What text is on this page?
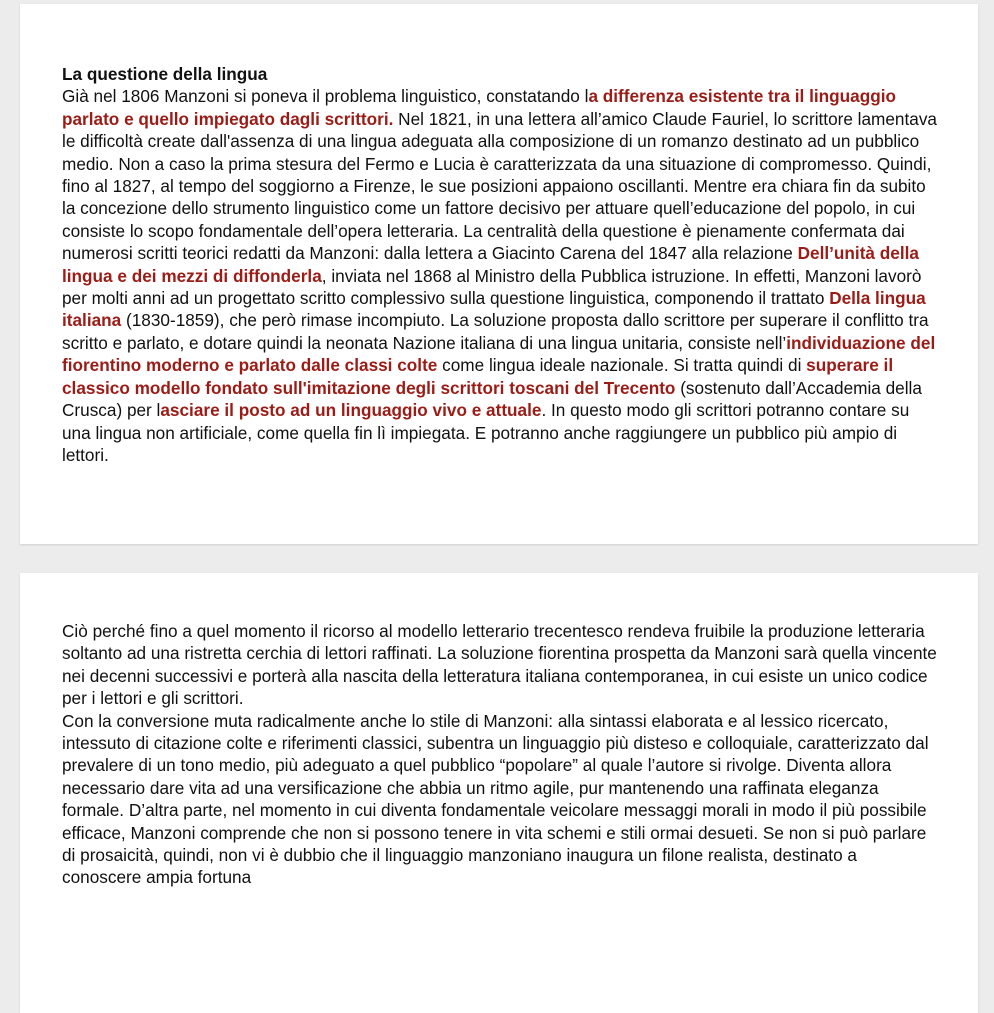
La questione della lingua

Già nel 1806 Manzoni si poneva il problema linguistico, constatando la differenza esistente tra il linguaggio parlato e quello impiegato dagli scrittori. Nel 1821, in una lettera all’amico Claude Fauriel, lo scrittore lamentava le difficoltà create dall'assenza di una lingua adeguata alla composizione di un romanzo destinato ad un pubblico medio. Non a caso la prima stesura del Fermo e Lucia è caratterizzata da una situazione di compromesso. Quindi, fino al 1827, al tempo del soggiorno a Firenze, le sue posizioni appaiono oscillanti. Mentre era chiara fin da subito la concezione dello strumento linguistico come un fattore decisivo per attuare quell’educazione del popolo, in cui consiste lo scopo fondamentale dell’opera letteraria. La centralità della questione è pienamente confermata dai numerosi scritti teorici redatti da Manzoni: dalla lettera a Giacinto Carena del 1847 alla relazione Dell’unità della lingua e dei mezzi di diffonderla, inviata nel 1868 al Ministro della Pubblica istruzione. In effetti, Manzoni lavorò per molti anni ad un progettato scritto complessivo sulla questione linguistica, componendo il trattato Della lingua italiana (1830-1859), che però rimase incompiuto. La soluzione proposta dallo scrittore per superare il conflitto tra scritto e parlato, e dotare quindi la neonata Nazione italiana di una lingua unitaria, consiste nell’individuazione del fiorentino moderno e parlato dalle classi colte come lingua ideale nazionale. Si tratta quindi di superare il classico modello fondato sull'imitazione degli scrittori toscani del Trecento (sostenuto dall’Accademia della Crusca) per lasciare il posto ad un linguaggio vivo e attuale. In questo modo gli scrittori potranno contare su una lingua non artificiale, come quella fin lì impiegata. E potranno anche raggiungere un pubblico più ampio di lettori.

Ciò perché fino a quel momento il ricorso al modello letterario trecentesco rendeva fruibile la produzione letteraria soltanto ad una ristretta cerchia di lettori raffinati. La soluzione fiorentina prospetta da Manzoni sarà quella vincente nei decenni successivi e porterà alla nascita della letteratura italiana contemporanea, in cui esiste un unico codice per i lettori e gli scrittori.

Con la conversione muta radicalmente anche lo stile di Manzoni: alla sintassi elaborata e al lessico ricercato, intessuto di citazione colte e riferimenti classici, subentra un linguaggio più disteso e colloquiale, caratterizzato dal prevalere di un tono medio, più adeguato a quel pubblico “popolare” al quale l’autore si rivolge. Diventa allora necessario dare vita ad una versificazione che abbia un ritmo agile, pur mantenendo una raffinata eleganza formale. D’altra parte, nel momento in cui diventa fondamentale veicolare messaggi morali in modo il più possibile efficace, Manzoni comprende che non si possono tenere in vita schemi e stili ormai desueti. Se non si può parlare di prosaicità, quindi, non vi è dubbio che il linguaggio manzoniano inaugura un filone realista, destinato a conoscere ampia fortuna
